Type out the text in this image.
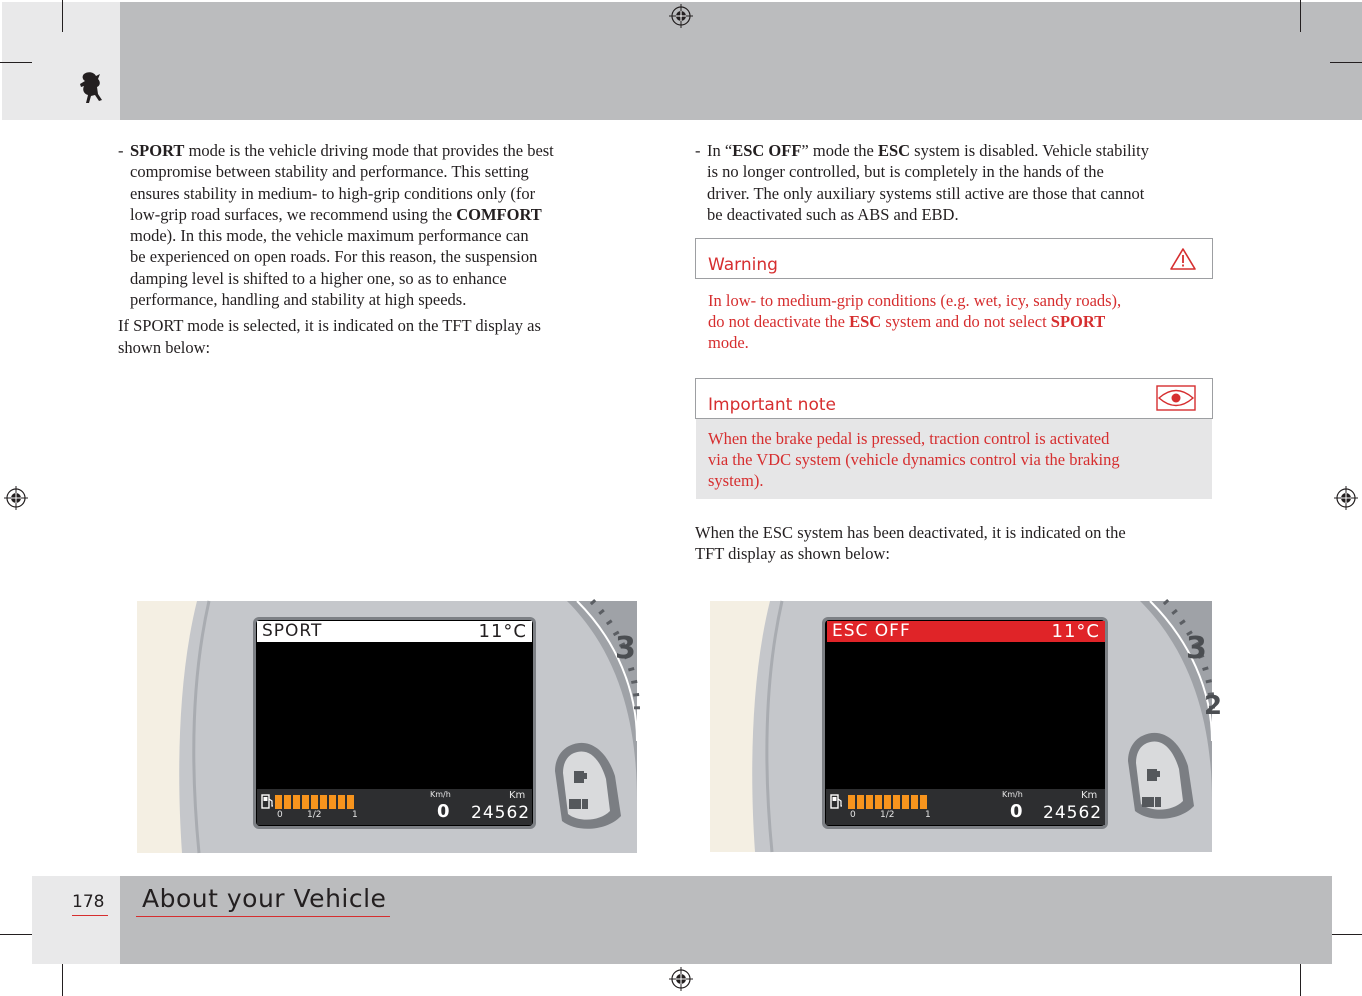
- SPORT mode is the vehicle driving mode that provides the best
compromise between stability and performance. This setting
ensures stability in medium- to high-grip conditions only (for
low-grip road surfaces, we recommend using the COMFORT
mode). In this mode, the vehicle maximum performance can
be experienced on open roads. For this reason, the suspension
damping level is shifted to a higher one, so as to enhance
performance, handling and stability at high speeds.
If SPORT mode is selected, it is indicated on the TFT display as
shown below:
- In “ESC OFF” mode the ESC system is disabled. Vehicle stability
is no longer controlled, but is completely in the hands of the
driver. The only auxiliary systems still active are those that cannot
be deactivated such as ABS and EBD.
Warning
In low- to medium-grip conditions (e.g. wet, icy, sandy roads),
do not deactivate the ESC system and do not select SPORT
mode.
Important note
When the brake pedal is pressed, traction control is activated
via the VDC system (vehicle dynamics control via the braking
system).
When the ESC system has been deactivated, it is indicated on the
TFT display as shown below:
3
SPORT	11°C
0	1/2	1
Km/h
0
Km
24562
3
2
ESC OFF	11°C
0	1/2	1
Km/h
0
Km
24562
178 About your Vehicle
